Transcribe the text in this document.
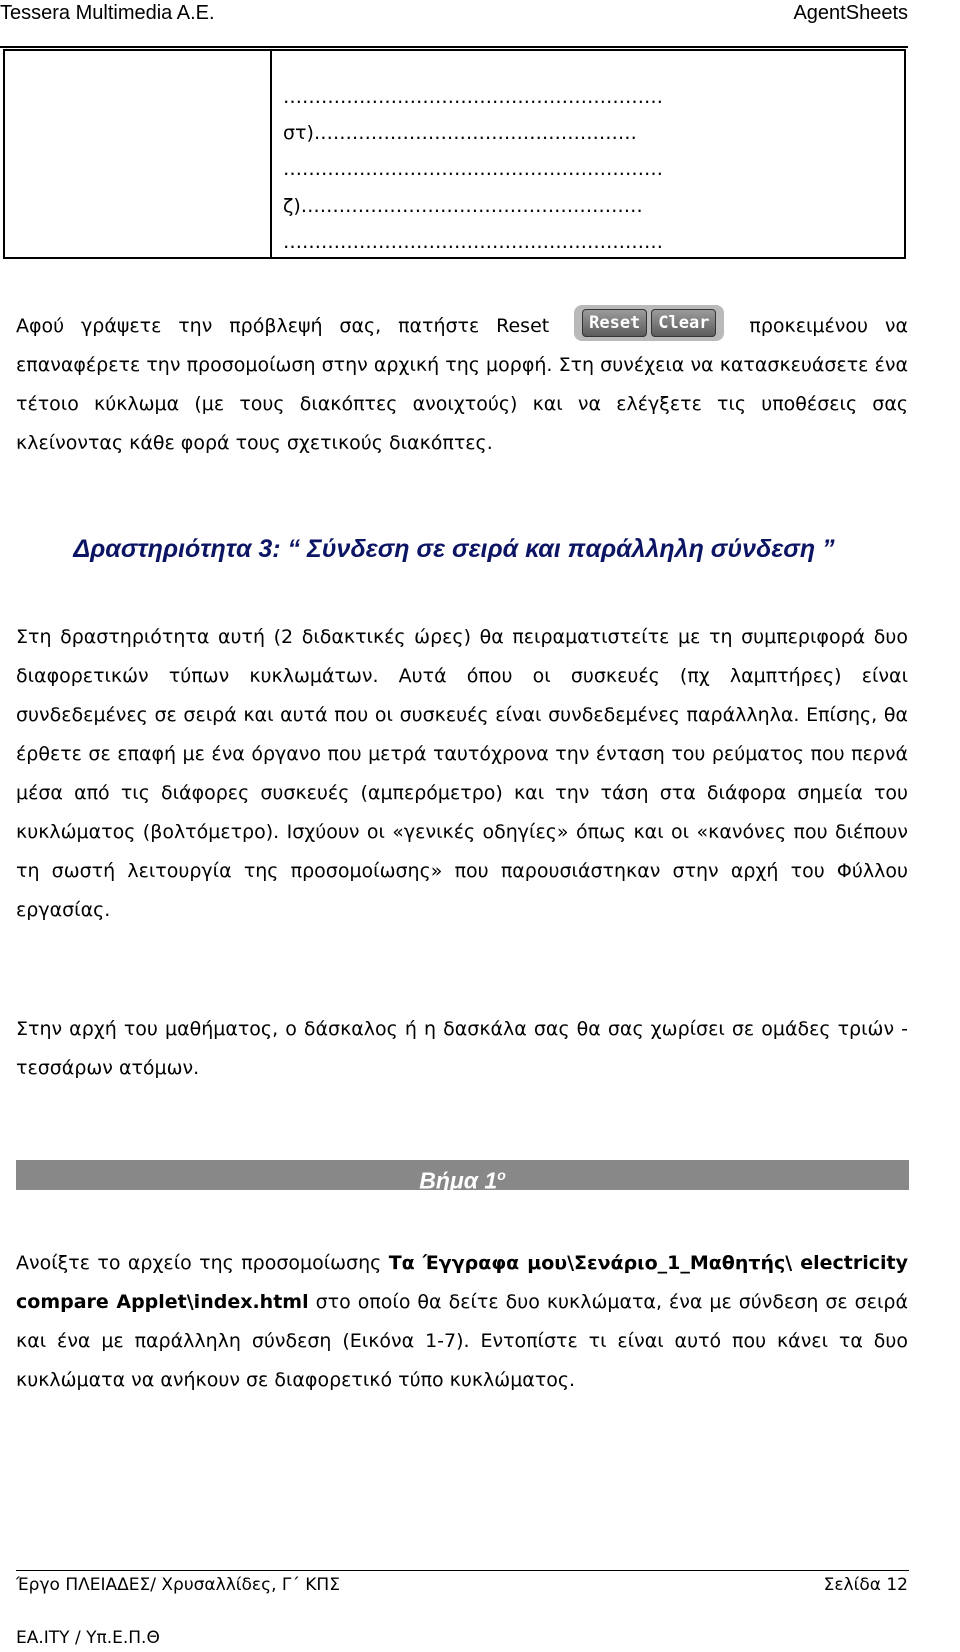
Tessera Multimedia A.E.	AgentSheets
……………………………………………………
στ)……………………………………………
……………………………………………………
ζ)………………………………………………
……………………………………………………

Αφού γράψετε την πρόβλεψή σας, πατήστε Reset	Reset	Clear	προκειμένου να επαναφέρετε την προσομοίωση στην αρχική της μορφή. Στη συνέχεια να κατασκευάσετε ένα τέτοιο κύκλωμα (με τους διακόπτες ανοιχτούς) και να ελέγξετε τις υποθέσεις σας κλείνοντας κάθε φορά τους σχετικούς διακόπτες.

Δραστηριότητα 3: “ Σύνδεση σε σειρά και παράλληλη σύνδεση ”

Στη δραστηριότητα αυτή (2 διδακτικές ώρες) θα πειραματιστείτε με τη συμπεριφορά δυο διαφορετικών τύπων κυκλωμάτων. Αυτά όπου οι συσκευές (πχ λαμπτήρες) είναι συνδεδεμένες σε σειρά και αυτά που οι συσκευές είναι συνδεδεμένες παράλληλα. Επίσης, θα έρθετε σε επαφή με ένα όργανο που μετρά ταυτόχρονα την ένταση του ρεύματος που περνά μέσα από τις διάφορες συσκευές (αμπερόμετρο) και την τάση στα διάφορα σημεία του κυκλώματος (βολτόμετρο). Ισχύουν οι «γενικές οδηγίες» όπως και οι «κανόνες που διέπουν τη σωστή λειτουργία της προσομοίωσης» που παρουσιάστηκαν στην αρχή του Φύλλου εργασίας.

Στην αρχή του μαθήματος, ο δάσκαλος ή η δασκάλα σας θα σας χωρίσει σε ομάδες τριών - τεσσάρων ατόμων.

Βήμα $1^o$

Ανοίξτε το αρχείο της προσομοίωσης Τα Έγγραφα μου\Σενάριο_1_Μαθητής\ electricity compare Applet\index.html στο οποίο θα δείτε δυο κυκλώματα, ένα με σύνδεση σε σειρά και ένα με παράλληλη σύνδεση (Εικόνα 1-7). Εντοπίστε τι είναι αυτό που κάνει τα δυο κυκλώματα να ανήκουν σε διαφορετικό τύπο κυκλώματος.

Έργο ΠΛΕΙΑΔΕΣ/ Χρυσαλλίδες, Γ΄ ΚΠΣ	Σελίδα 12
ΕΑ.ΙΤΥ / Υπ.Ε.Π.Θ
